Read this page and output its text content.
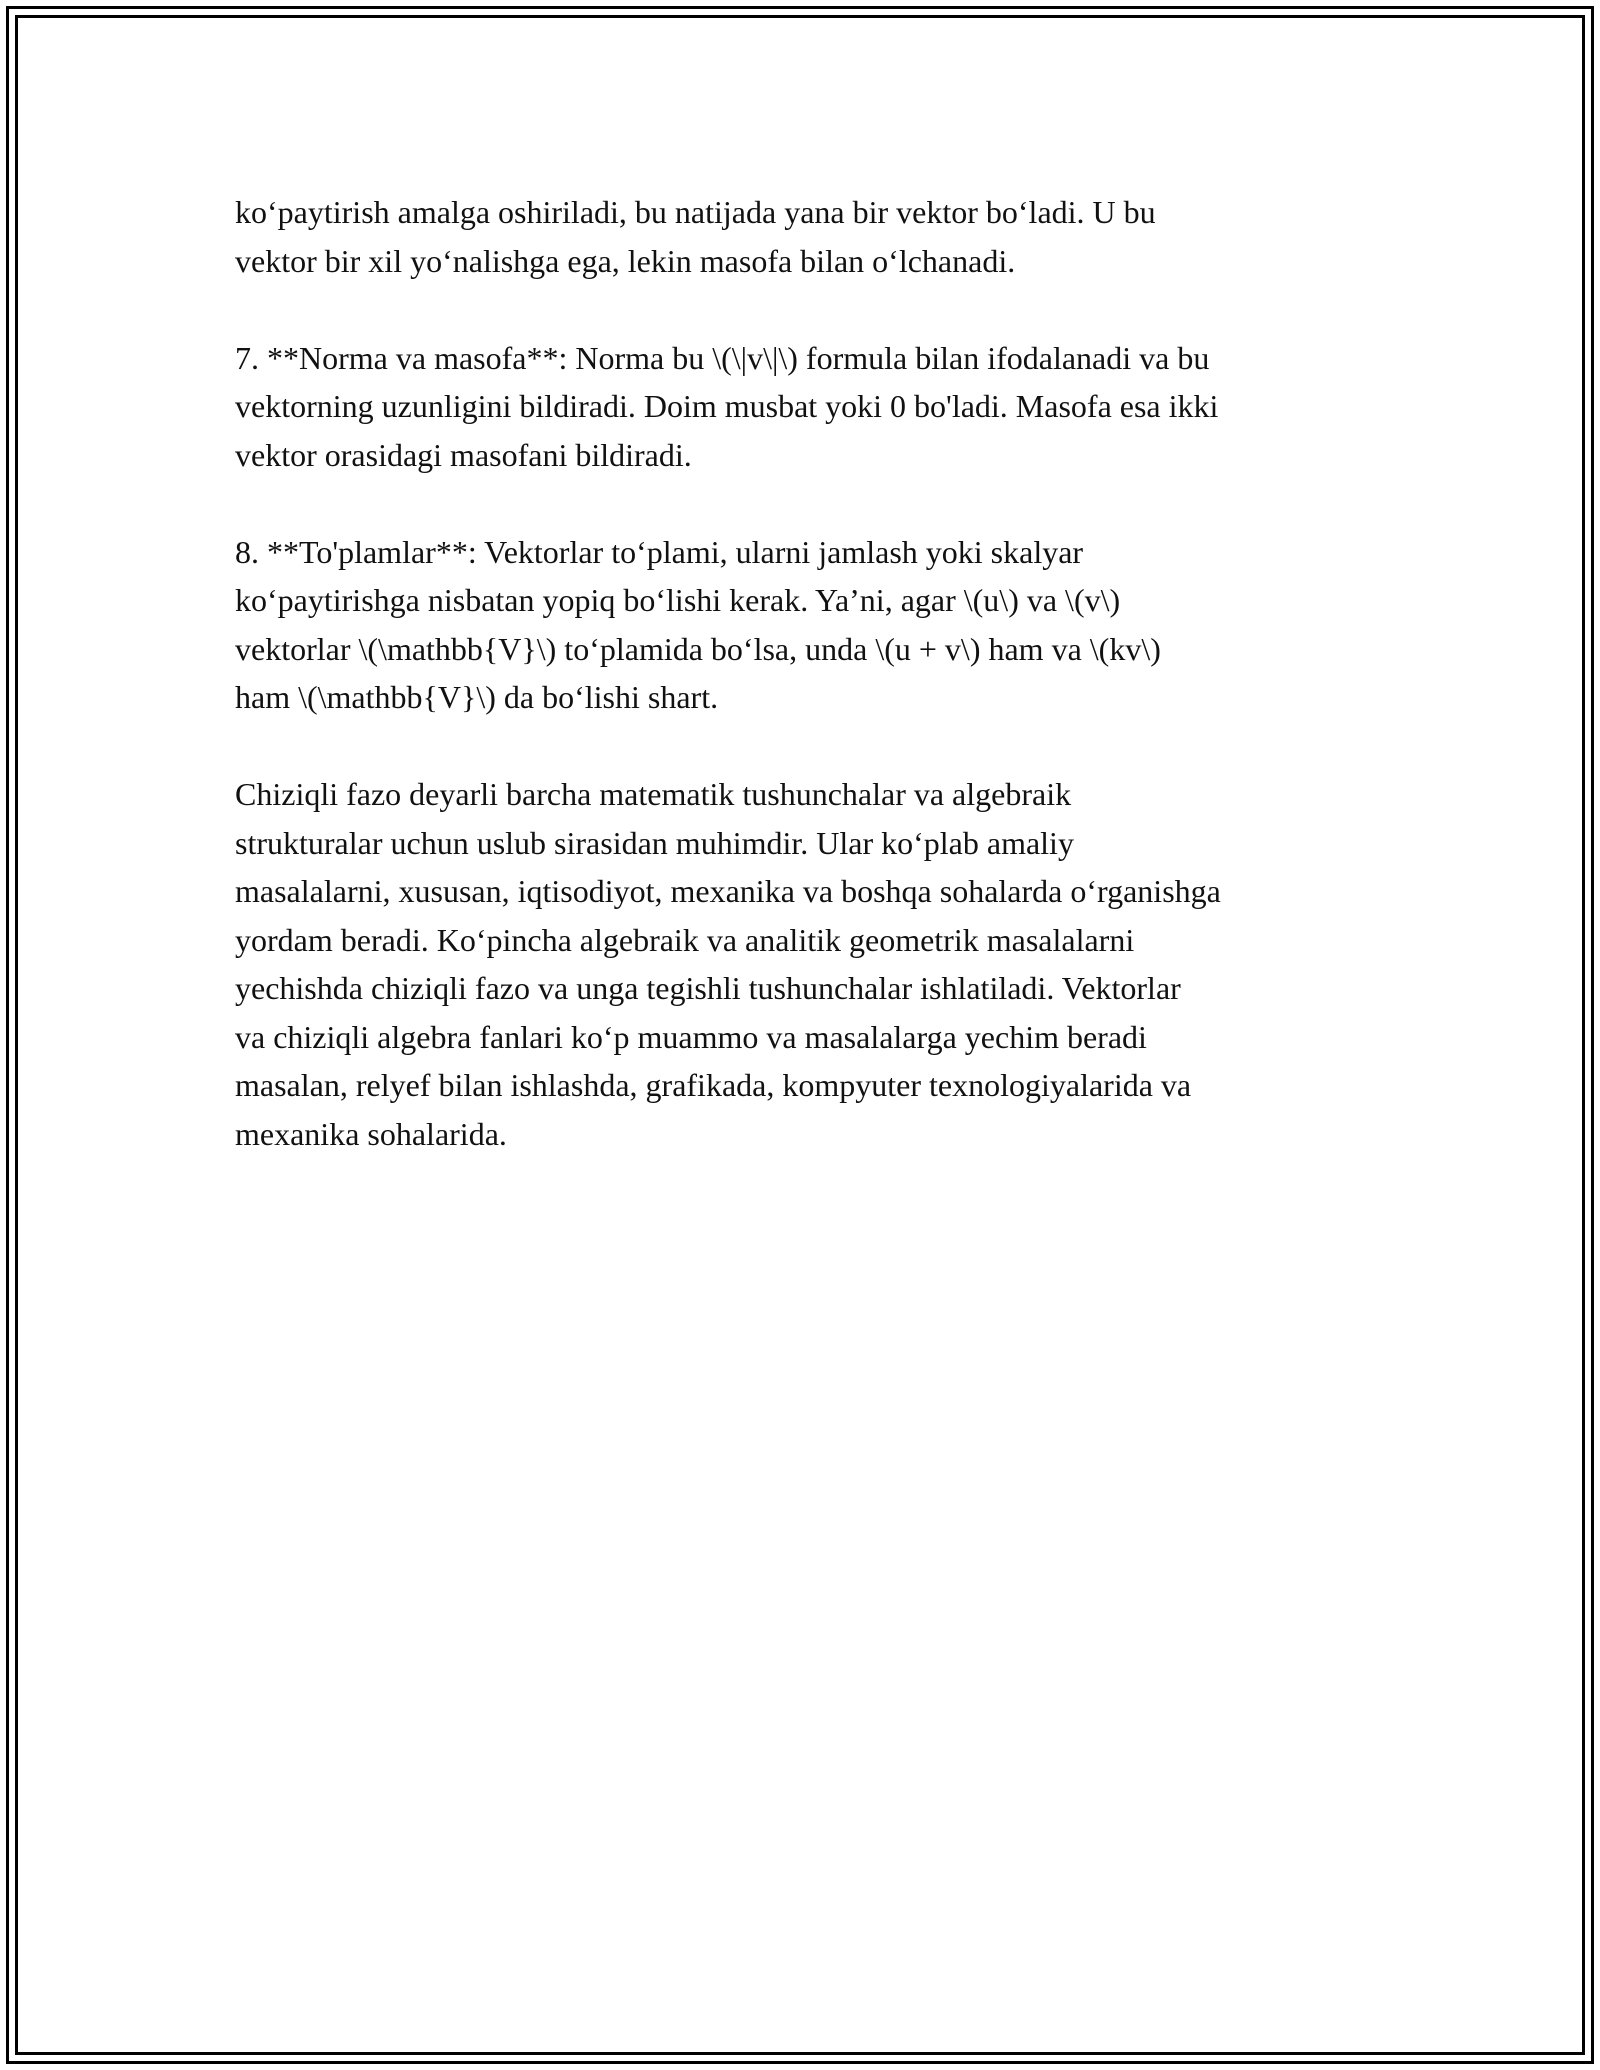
ko‘paytirish amalga oshiriladi, bu natijada yana bir vektor bo‘ladi. U bu
vektor bir xil yo‘nalishga ega, lekin masofa bilan o‘lchanadi.

7. **Norma va masofa**: Norma bu \(\|v\|\) formula bilan ifodalanadi va bu
vektorning uzunligini bildiradi. Doim musbat yoki 0 bo'ladi. Masofa esa ikki
vektor orasidagi masofani bildiradi.

8. **To'plamlar**: Vektorlar to‘plami, ularni jamlash yoki skalyar
ko‘paytirishga nisbatan yopiq bo‘lishi kerak. Ya’ni, agar \(u\) va \(v\)
vektorlar \(\mathbb{V}\) to‘plamida bo‘lsa, unda \(u + v\) ham va \(kv\)
ham \(\mathbb{V}\) da bo‘lishi shart.

Chiziqli fazo deyarli barcha matematik tushunchalar va algebraik
strukturalar uchun uslub sirasidan muhimdir. Ular ko‘plab amaliy
masalalarni, xususan, iqtisodiyot, mexanika va boshqa sohalarda o‘rganishga
yordam beradi. Ko‘pincha algebraik va analitik geometrik masalalarni
yechishda chiziqli fazo va unga tegishli tushunchalar ishlatiladi. Vektorlar
va chiziqli algebra fanlari ko‘p muammo va masalalarga yechim beradi
masalan, relyef bilan ishlashda, grafikada, kompyuter texnologiyalarida va
mexanika sohalarida.
